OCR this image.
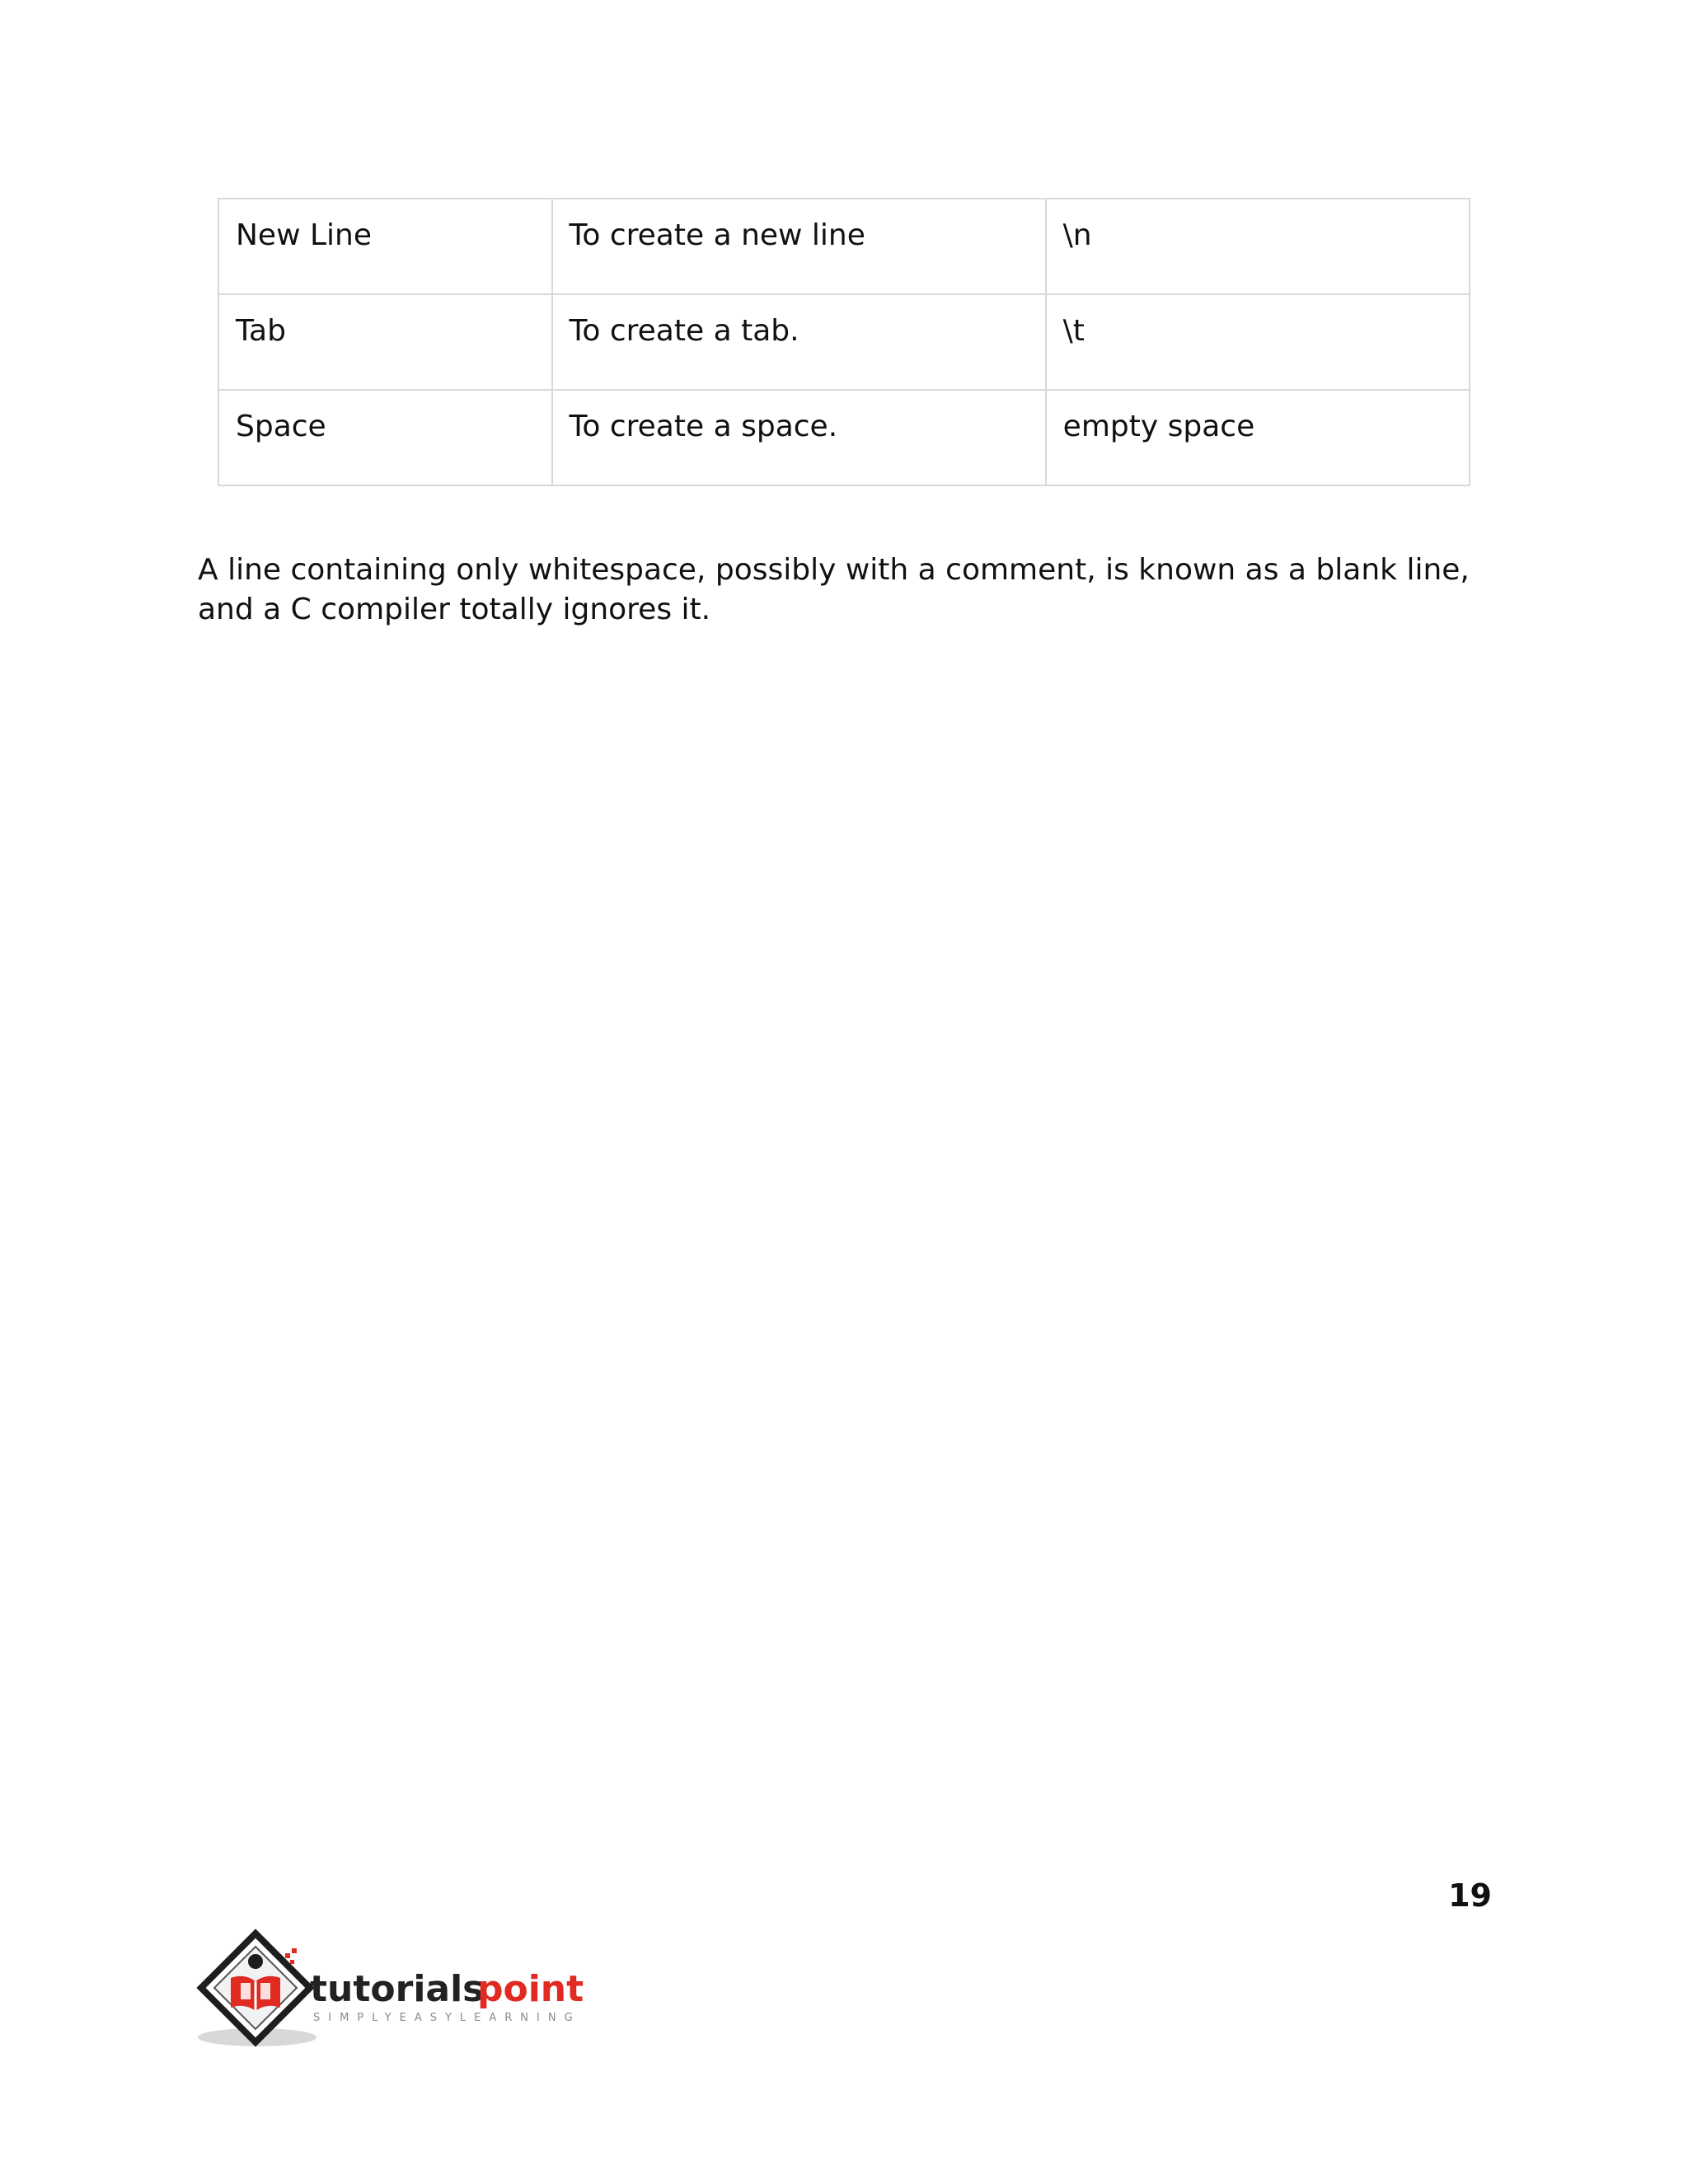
New Line	To create a new line	\n
Tab	To create a tab.	\t
Space	To create a space.	empty space

A line containing only whitespace, possibly with a comment, is known as a blank line, and a C compiler totally ignores it.

19
tutorials
point
SIMPLYEASYLEARNING
